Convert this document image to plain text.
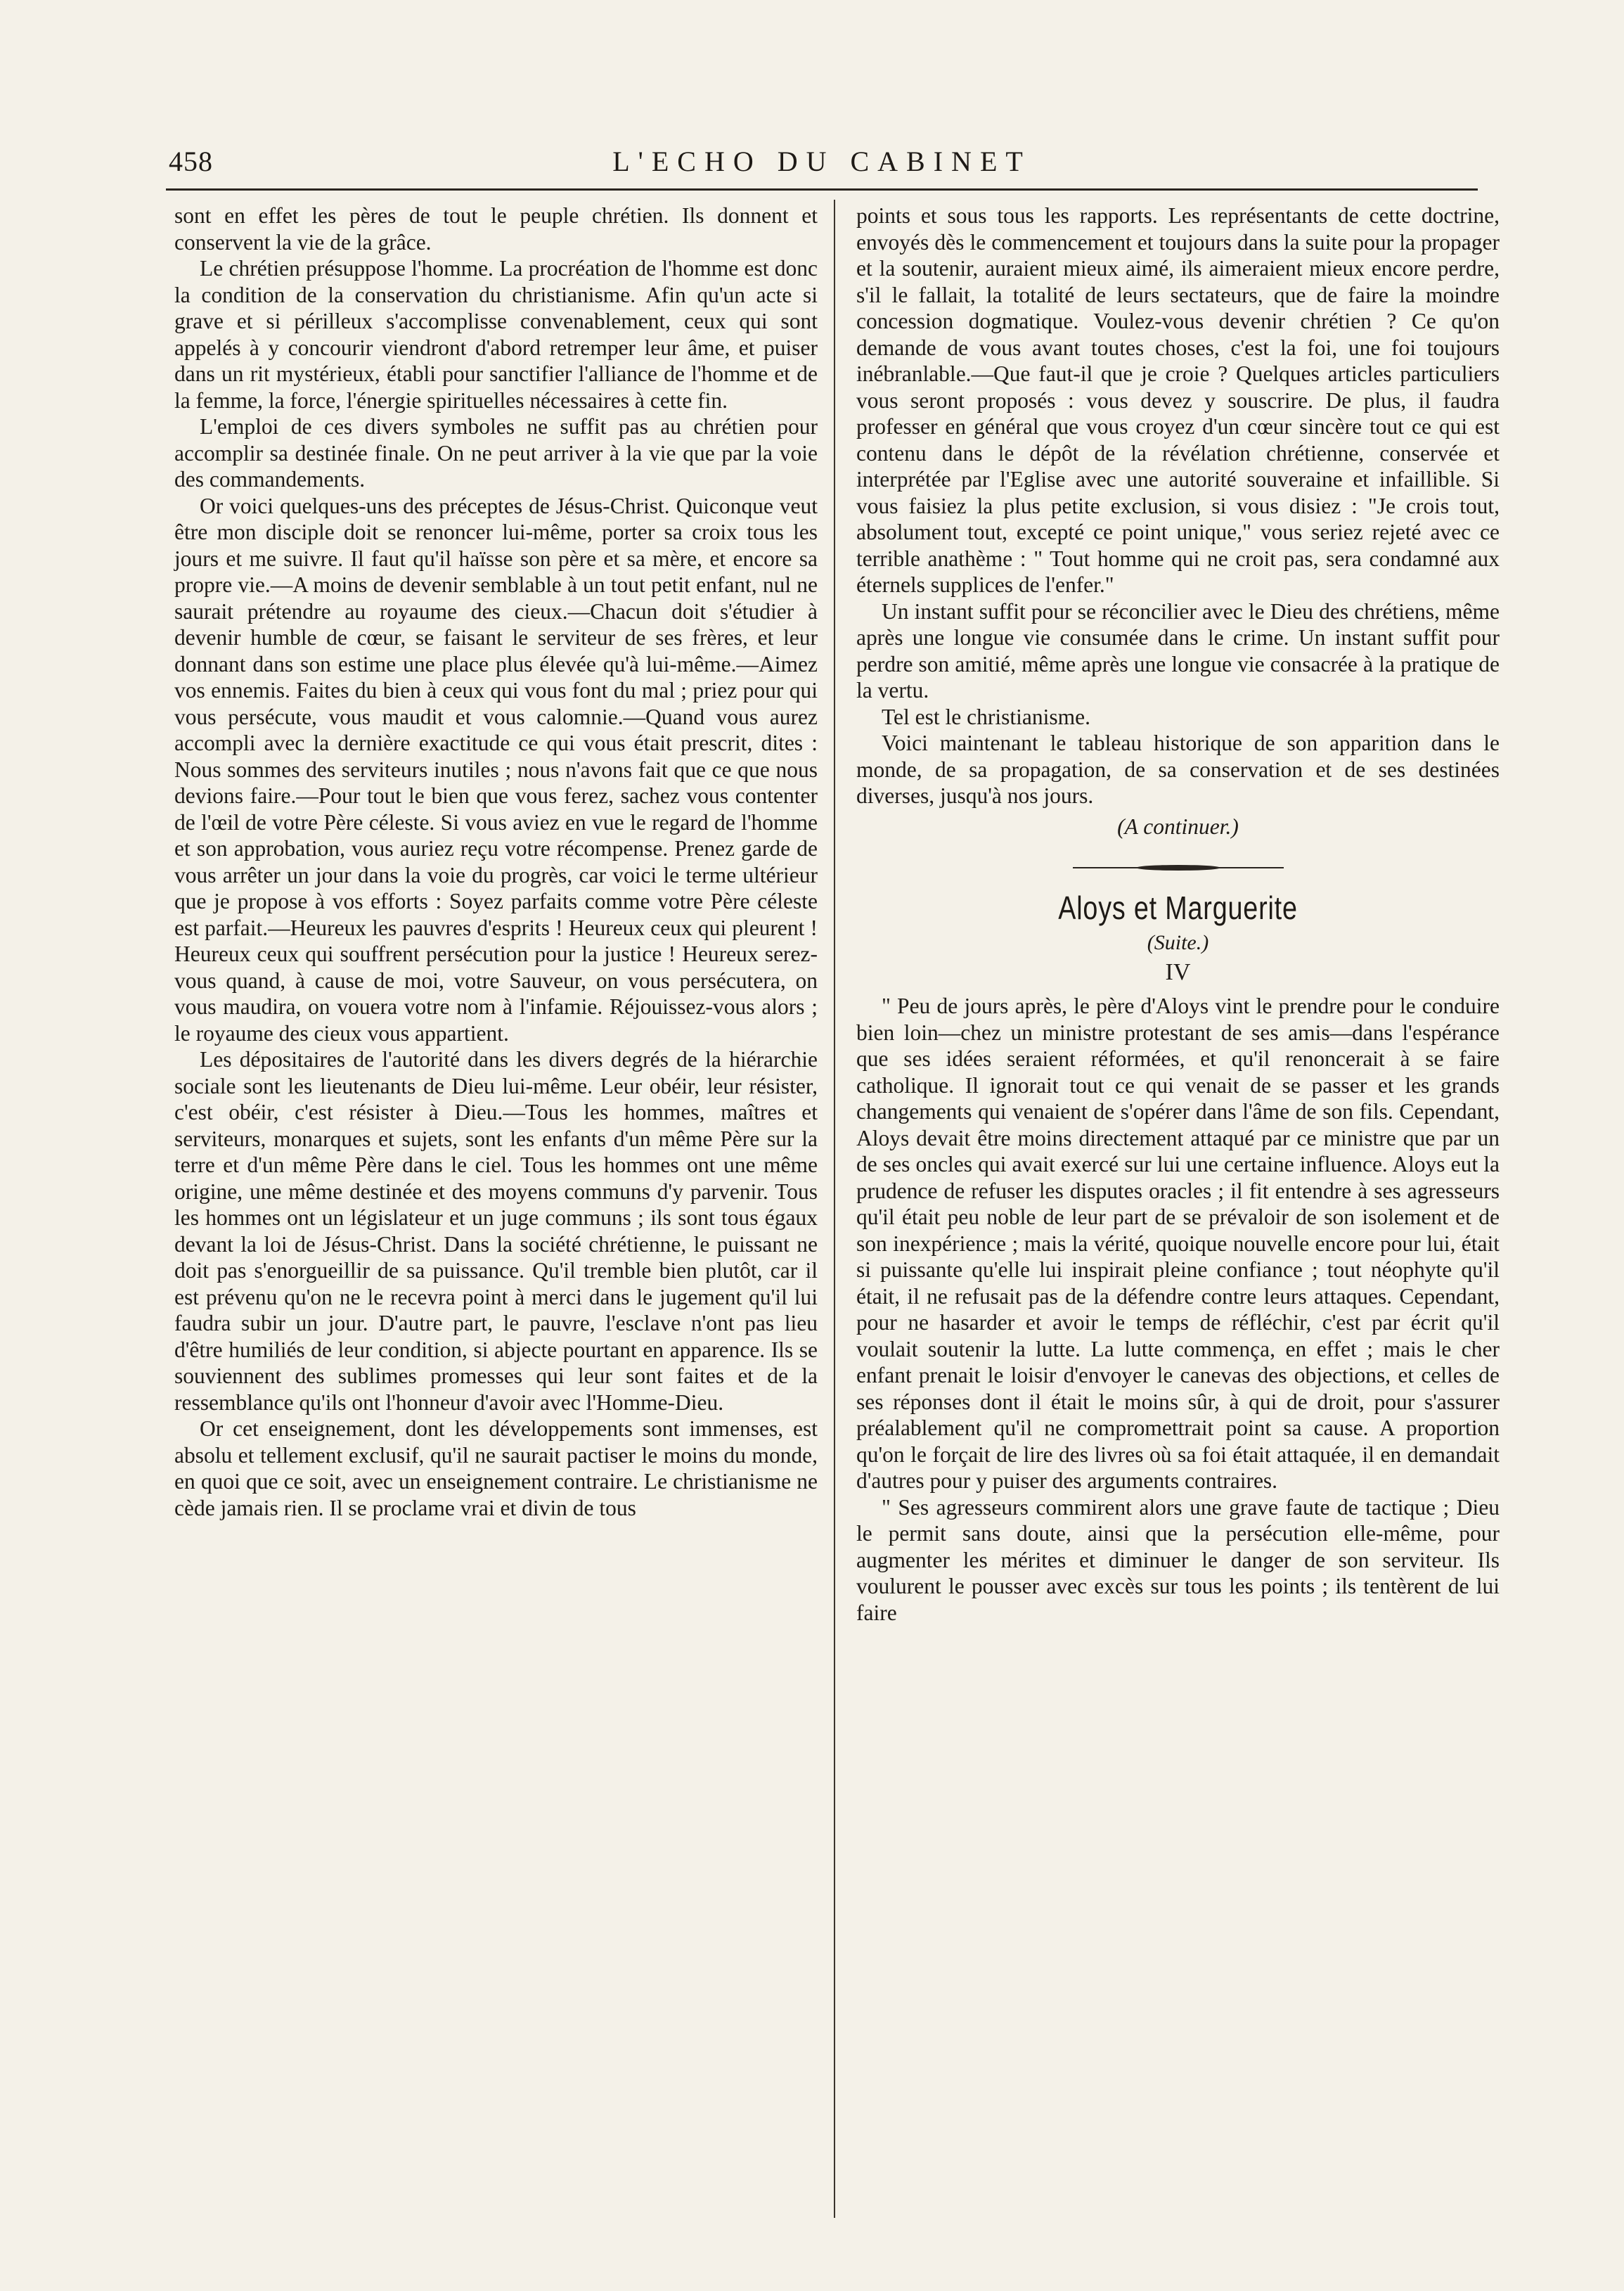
458	L'ECHO DU CABINET

sont en effet les pères de tout le peuple chrétien. Ils donnent et conservent la vie de la grâce.

Le chrétien présuppose l'homme. La procréation de l'homme est donc la condition de la conservation du christianisme. Afin qu'un acte si grave et si périlleux s'accomplisse convenablement, ceux qui sont appelés à y concourir viendront d'abord retremper leur âme, et puiser dans un rit mystérieux, établi pour sanctifier l'alliance de l'homme et de la femme, la force, l'énergie spirituelles nécessaires à cette fin.

L'emploi de ces divers symboles ne suffit pas au chrétien pour accomplir sa destinée finale. On ne peut arriver à la vie que par la voie des commandements.

Or voici quelques-uns des préceptes de Jésus-Christ. Quiconque veut être mon disciple doit se renoncer lui-même, porter sa croix tous les jours et me suivre. Il faut qu'il haïsse son père et sa mère, et encore sa propre vie.—A moins de devenir semblable à un tout petit enfant, nul ne saurait prétendre au royaume des cieux.—Chacun doit s'étudier à devenir humble de cœur, se faisant le serviteur de ses frères, et leur donnant dans son estime une place plus élevée qu'à lui-même.—Aimez vos ennemis. Faites du bien à ceux qui vous font du mal ; priez pour qui vous persécute, vous maudit et vous calomnie.—Quand vous aurez accompli avec la dernière exactitude ce qui vous était prescrit, dites : Nous sommes des serviteurs inutiles ; nous n'avons fait que ce que nous devions faire.—Pour tout le bien que vous ferez, sachez vous contenter de l'œil de votre Père céleste. Si vous aviez en vue le regard de l'homme et son approbation, vous auriez reçu votre récompense. Prenez garde de vous arrêter un jour dans la voie du progrès, car voici le terme ultérieur que je propose à vos efforts : Soyez parfaits comme votre Père céleste est parfait.—Heureux les pauvres d'esprits ! Heureux ceux qui pleurent ! Heureux ceux qui souffrent persécution pour la justice ! Heureux serez-vous quand, à cause de moi, votre Sauveur, on vous persécutera, on vous maudira, on vouera votre nom à l'infamie. Réjouissez-vous alors ; le royaume des cieux vous appartient.

Les dépositaires de l'autorité dans les divers degrés de la hiérarchie sociale sont les lieutenants de Dieu lui-même. Leur obéir, leur résister, c'est obéir, c'est résister à Dieu.—Tous les hommes, maîtres et serviteurs, monarques et sujets, sont les enfants d'un même Père sur la terre et d'un même Père dans le ciel. Tous les hommes ont une même origine, une même destinée et des moyens communs d'y parvenir. Tous les hommes ont un législateur et un juge communs ; ils sont tous égaux devant la loi de Jésus-Christ. Dans la société chrétienne, le puissant ne doit pas s'enorgueillir de sa puissance. Qu'il tremble bien plutôt, car il est prévenu qu'on ne le recevra point à merci dans le jugement qu'il lui faudra subir un jour. D'autre part, le pauvre, l'esclave n'ont pas lieu d'être humiliés de leur condition, si abjecte pourtant en apparence. Ils se souviennent des sublimes promesses qui leur sont faites et de la ressemblance qu'ils ont l'honneur d'avoir avec l'Homme-Dieu.

Or cet enseignement, dont les développements sont immenses, est absolu et tellement exclusif, qu'il ne saurait pactiser le moins du monde, en quoi que ce soit, avec un enseignement contraire. Le christianisme ne cède jamais rien. Il se proclame vrai et divin de tous

points et sous tous les rapports. Les représentants de cette doctrine, envoyés dès le commencement et toujours dans la suite pour la propager et la soutenir, auraient mieux aimé, ils aimeraient mieux encore perdre, s'il le fallait, la totalité de leurs sectateurs, que de faire la moindre concession dogmatique. Voulez-vous devenir chrétien ? Ce qu'on demande de vous avant toutes choses, c'est la foi, une foi toujours inébranlable.—Que faut-il que je croie ? Quelques articles particuliers vous seront proposés : vous devez y souscrire. De plus, il faudra professer en général que vous croyez d'un cœur sincère tout ce qui est contenu dans le dépôt de la révélation chrétienne, conservée et interprétée par l'Eglise avec une autorité souveraine et infaillible. Si vous faisiez la plus petite exclusion, si vous disiez : "Je crois tout, absolument tout, excepté ce point unique," vous seriez rejeté avec ce terrible anathème : " Tout homme qui ne croit pas, sera condamné aux éternels supplices de l'enfer."

Un instant suffit pour se réconcilier avec le Dieu des chrétiens, même après une longue vie consumée dans le crime. Un instant suffit pour perdre son amitié, même après une longue vie consacrée à la pratique de la vertu.

Tel est le christianisme.

Voici maintenant le tableau historique de son apparition dans le monde, de sa propagation, de sa conservation et de ses destinées diverses, jusqu'à nos jours.

(A continuer.)

Aloys et Marguerite
(Suite.)
IV

" Peu de jours après, le père d'Aloys vint le prendre pour le conduire bien loin—chez un ministre protestant de ses amis—dans l'espérance que ses idées seraient réformées, et qu'il renoncerait à se faire catholique. Il ignorait tout ce qui venait de se passer et les grands changements qui venaient de s'opérer dans l'âme de son fils. Cependant, Aloys devait être moins directement attaqué par ce ministre que par un de ses oncles qui avait exercé sur lui une certaine influence. Aloys eut la prudence de refuser les disputes oracles ; il fit entendre à ses agresseurs qu'il était peu noble de leur part de se prévaloir de son isolement et de son inexpérience ; mais la vérité, quoique nouvelle encore pour lui, était si puissante qu'elle lui inspirait pleine confiance ; tout néophyte qu'il était, il ne refusait pas de la défendre contre leurs attaques. Cependant, pour ne hasarder et avoir le temps de réfléchir, c'est par écrit qu'il voulait soutenir la lutte. La lutte commença, en effet ; mais le cher enfant prenait le loisir d'envoyer le canevas des objections, et celles de ses réponses dont il était le moins sûr, à qui de droit, pour s'assurer préalablement qu'il ne compromettrait point sa cause. A proportion qu'on le forçait de lire des livres où sa foi était attaquée, il en demandait d'autres pour y puiser des arguments contraires.

" Ses agresseurs commirent alors une grave faute de tactique ; Dieu le permit sans doute, ainsi que la persécution elle-même, pour augmenter les mérites et diminuer le danger de son serviteur. Ils voulurent le pousser avec excès sur tous les points ; ils tentèrent de lui faire
